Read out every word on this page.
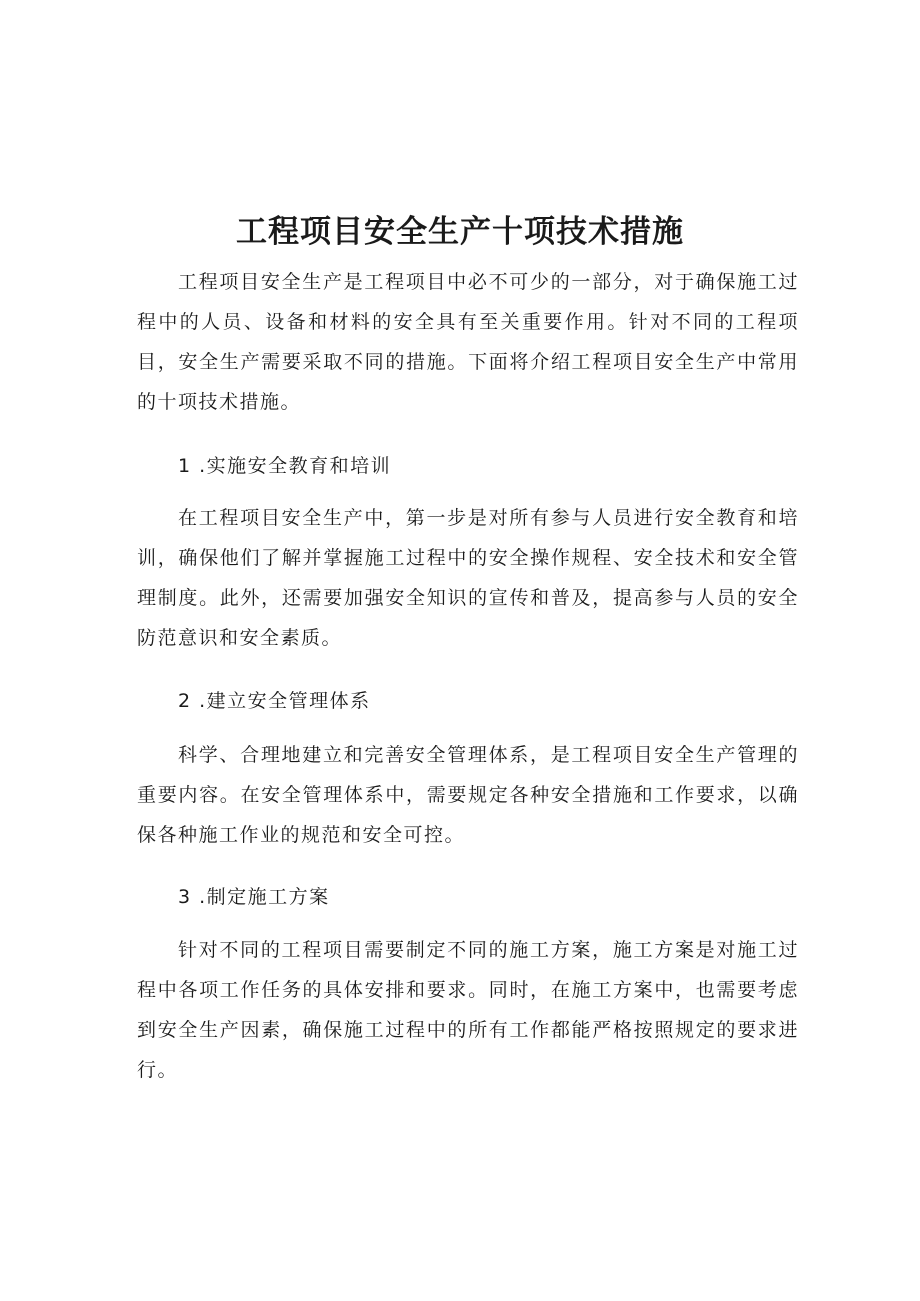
工程项目安全生产十项技术措施

工程项目安全生产是工程项目中必不可少的一部分，对于确保施工过程中的人员、设备和材料的安全具有至关重要作用。针对不同的工程项目，安全生产需要采取不同的措施。下面将介绍工程项目安全生产中常用的十项技术措施。

1 .实施安全教育和培训

在工程项目安全生产中，第一步是对所有参与人员进行安全教育和培训，确保他们了解并掌握施工过程中的安全操作规程、安全技术和安全管理制度。此外，还需要加强安全知识的宣传和普及，提高参与人员的安全防范意识和安全素质。

2 .建立安全管理体系

科学、合理地建立和完善安全管理体系，是工程项目安全生产管理的重要内容。在安全管理体系中，需要规定各种安全措施和工作要求，以确保各种施工作业的规范和安全可控。

3 .制定施工方案

针对不同的工程项目需要制定不同的施工方案，施工方案是对施工过程中各项工作任务的具体安排和要求。同时，在施工方案中，也需要考虑到安全生产因素，确保施工过程中的所有工作都能严格按照规定的要求进行。
